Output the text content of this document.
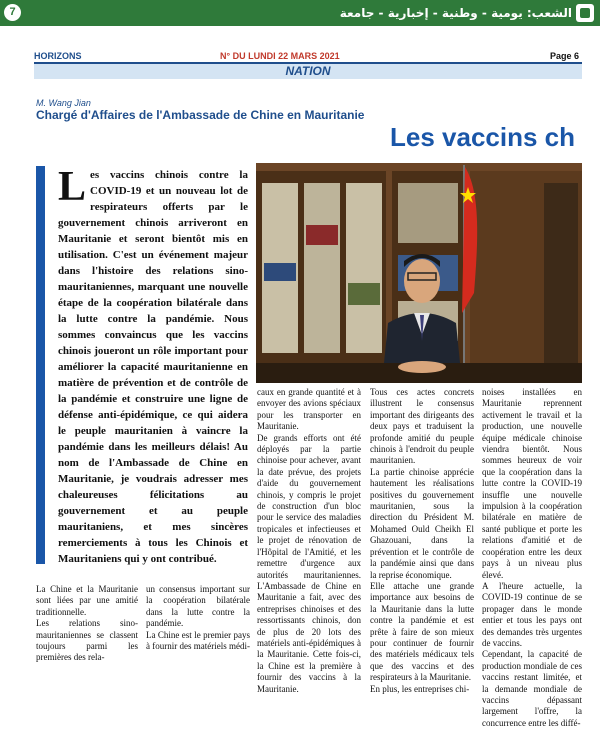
7	الشعب: يومية - وطنية - إخبارية - جامعة
HORIZONS	N° DU LUNDI 22 MARS 2021	Page 6
NATION
M. Wang Jian
Chargé d'Affaires de l'Ambassade de Chine en Mauritanie
Les vaccins ch
Les vaccins chinois contre la COVID-19 et un nouveau lot de respirateurs offerts par le gouvernement chinois arriveront en Mauritanie et seront bientôt mis en utilisation. C'est un événement majeur dans l'histoire des relations sino-mauritaniennes, marquant une nouvelle étape de la coopération bilatérale dans la lutte contre la pandémie. Nous sommes convaincus que les vaccins chinois joueront un rôle important pour améliorer la capacité mauritanienne en matière de prévention et de contrôle de la pandémie et construire une ligne de défense anti-épidémique, ce qui aidera le peuple mauritanien à vaincre la pandémie dans les meilleurs délais! Au nom de l'Ambassade de Chine en Mauritanie, je voudrais adresser mes chaleureuses félicitations au gouvernement et au peuple mauritaniens, et mes sincères remerciements à tous les Chinois et Mauritaniens qui y ont contribué.

caux en grande quantité et à envoyer des avions spéciaux pour les transporter en Mauritanie.

De grands efforts ont été déployés par la partie chinoise pour achever, avant la date prévue, des projets d'aide du gouvernement chinois, y compris le projet de construction d'un bloc pour le service des maladies tropicales et infectieuses et le projet de rénovation de l'Hôpital de l'Amitié, et les remettre d'urgence aux autorités mauritaniennes. L'Ambassade de Chine en Mauritanie a fait, avec des entreprises chinoises et des ressortissants chinois, don de plus de 20 lots des matériels anti-épidémiques à la Mauritanie. Cette fois-ci, la Chine est la première à fournir des vaccins à la Mauritanie.

Tous ces actes concrets illustrent le consensus important des dirigeants des deux pays et traduisent la profonde amitié du peuple chinois à l'endroit du peuple mauritanien.

La partie chinoise apprécie hautement les réalisations positives du gouvernement mauritanien, sous la direction du Président M. Mohamed Ould Cheikh El Ghazouani, dans la prévention et le contrôle de la pandémie ainsi que dans la reprise économique.

Elle attache une grande importance aux besoins de la Mauritanie dans la lutte contre la pandémie et est prête à faire de son mieux pour continuer de fournir des matériels médicaux tels que des vaccins et des respirateurs à la Mauritanie.

En plus, les entreprises chi-

noises installées en Mauritanie reprennent activement le travail et la production, une nouvelle équipe médicale chinoise viendra bientôt. Nous sommes heureux de voir que la coopération dans la lutte contre la COVID-19 insuffle une nouvelle impulsion à la coopération bilatérale en matière de santé publique et porte les relations d'amitié et de coopération entre les deux pays à un niveau plus élevé.

A l'heure actuelle, la COVID-19 continue de se propager dans le monde entier et tous les pays ont des demandes très urgentes de vaccins.

Cependant, la capacité de production mondiale de ces vaccins restant limitée, et la demande mondiale de vaccins dépassant largement l'offre, la concurrence entre les diffé-

La Chine et la Mauritanie sont liées par une amitié traditionnelle.

Les relations sino-mauritaniennes se classent toujours parmi les premières des rela-

un consensus important sur la coopération bilatérale dans la lutte contre la pandémie.

La Chine est le premier pays à fournir des matériels médi-
